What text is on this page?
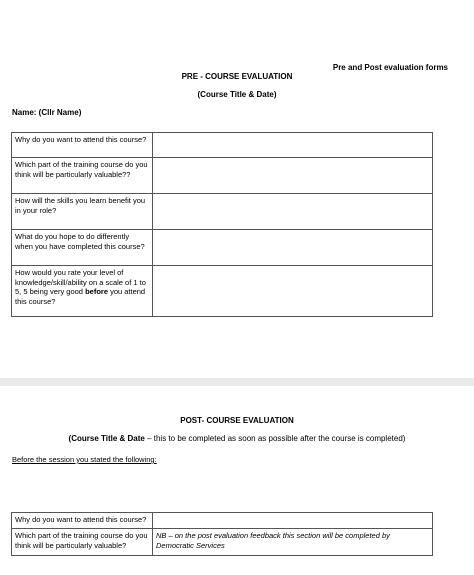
Pre and Post evaluation forms
PRE - COURSE EVALUATION
(Course Title & Date)
Name: (Cllr Name)
Why do you want to attend this course?	
Which part of the training course do you think will be particularly valuable??	
How will the skills you learn benefit you in your role?	
What do you hope to do differently when you have completed this course?	
How would you rate your level of knowledge/skill/ability on a scale of 1 to 5, 5 being very good before you attend this course?	
POST- COURSE EVALUATION
(Course Title & Date – this to be completed as soon as possible after the course is completed)
Before the session you stated the following:
Why do you want to attend this course?	
Which part of the training course do you think will be particularly valuable?	NB – on the post evaluation feedback this section will be completed by Democratic Services
